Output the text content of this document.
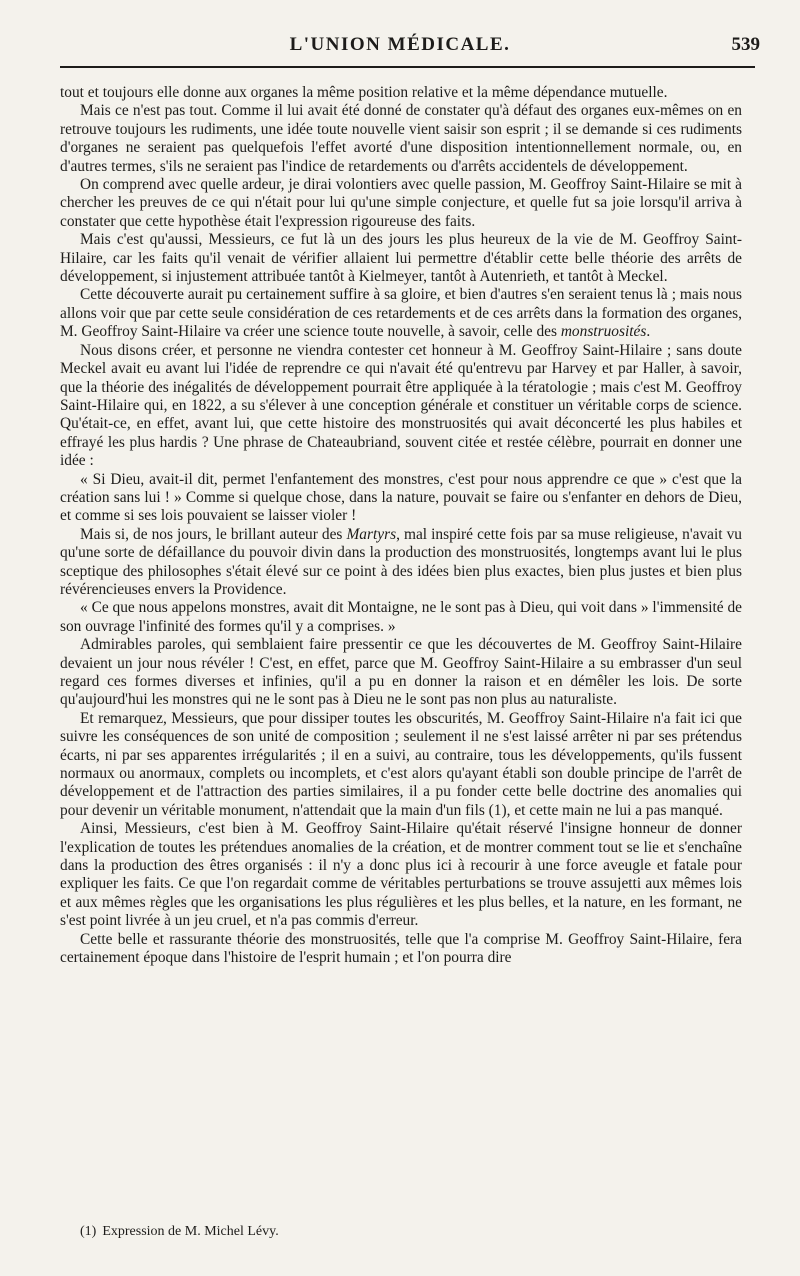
L'UNION MÉDICALE.	539

tout et toujours elle donne aux organes la même position relative et la même dépendance mutuelle.

Mais ce n'est pas tout. Comme il lui avait été donné de constater qu'à défaut des organes eux-mêmes on en retrouve toujours les rudiments, une idée toute nouvelle vient saisir son esprit ; il se demande si ces rudiments d'organes ne seraient pas quelquefois l'effet avorté d'une disposition intentionnellement normale, ou, en d'autres termes, s'ils ne seraient pas l'indice de retardements ou d'arrêts accidentels de développement.

On comprend avec quelle ardeur, je dirai volontiers avec quelle passion, M. Geoffroy Saint-Hilaire se mit à chercher les preuves de ce qui n'était pour lui qu'une simple conjecture, et quelle fut sa joie lorsqu'il arriva à constater que cette hypothèse était l'expression rigoureuse des faits.

Mais c'est qu'aussi, Messieurs, ce fut là un des jours les plus heureux de la vie de M. Geoffroy Saint-Hilaire, car les faits qu'il venait de vérifier allaient lui permettre d'établir cette belle théorie des arrêts de développement, si injustement attribuée tantôt à Kielmeyer, tantôt à Autenrieth, et tantôt à Meckel.

Cette découverte aurait pu certainement suffire à sa gloire, et bien d'autres s'en seraient tenus là ; mais nous allons voir que par cette seule considération de ces retardements et de ces arrêts dans la formation des organes, M. Geoffroy Saint-Hilaire va créer une science toute nouvelle, à savoir, celle des monstruosités.

Nous disons créer, et personne ne viendra contester cet honneur à M. Geoffroy Saint-Hilaire ; sans doute Meckel avait eu avant lui l'idée de reprendre ce qui n'avait été qu'entrevu par Harvey et par Haller, à savoir, que la théorie des inégalités de développement pourrait être appliquée à la tératologie ; mais c'est M. Geoffroy Saint-Hilaire qui, en 1822, a su s'élever à une conception générale et constituer un véritable corps de science. Qu'était-ce, en effet, avant lui, que cette histoire des monstruosités qui avait déconcerté les plus habiles et effrayé les plus hardis ? Une phrase de Chateaubriand, souvent citée et restée célèbre, pourrait en donner une idée :

« Si Dieu, avait-il dit, permet l'enfantement des monstres, c'est pour nous apprendre ce que » c'est que la création sans lui ! » Comme si quelque chose, dans la nature, pouvait se faire ou s'enfanter en dehors de Dieu, et comme si ses lois pouvaient se laisser violer !

Mais si, de nos jours, le brillant auteur des Martyrs, mal inspiré cette fois par sa muse religieuse, n'avait vu qu'une sorte de défaillance du pouvoir divin dans la production des monstruosités, longtemps avant lui le plus sceptique des philosophes s'était élevé sur ce point à des idées bien plus exactes, bien plus justes et bien plus révérencieuses envers la Providence.

« Ce que nous appelons monstres, avait dit Montaigne, ne le sont pas à Dieu, qui voit dans » l'immensité de son ouvrage l'infinité des formes qu'il y a comprises. »

Admirables paroles, qui semblaient faire pressentir ce que les découvertes de M. Geoffroy Saint-Hilaire devaient un jour nous révéler ! C'est, en effet, parce que M. Geoffroy Saint-Hilaire a su embrasser d'un seul regard ces formes diverses et infinies, qu'il a pu en donner la raison et en démêler les lois. De sorte qu'aujourd'hui les monstres qui ne le sont pas à Dieu ne le sont pas non plus au naturaliste.

Et remarquez, Messieurs, que pour dissiper toutes les obscurités, M. Geoffroy Saint-Hilaire n'a fait ici que suivre les conséquences de son unité de composition ; seulement il ne s'est laissé arrêter ni par ses prétendus écarts, ni par ses apparentes irrégularités ; il en a suivi, au contraire, tous les développements, qu'ils fussent normaux ou anormaux, complets ou incomplets, et c'est alors qu'ayant établi son double principe de l'arrêt de développement et de l'attraction des parties similaires, il a pu fonder cette belle doctrine des anomalies qui pour devenir un véritable monument, n'attendait que la main d'un fils (1), et cette main ne lui a pas manqué.

Ainsi, Messieurs, c'est bien à M. Geoffroy Saint-Hilaire qu'était réservé l'insigne honneur de donner l'explication de toutes les prétendues anomalies de la création, et de montrer comment tout se lie et s'enchaîne dans la production des êtres organisés : il n'y a donc plus ici à recourir à une force aveugle et fatale pour expliquer les faits. Ce que l'on regardait comme de véritables perturbations se trouve assujetti aux mêmes lois et aux mêmes règles que les organisations les plus régulières et les plus belles, et la nature, en les formant, ne s'est point livrée à un jeu cruel, et n'a pas commis d'erreur.

Cette belle et rassurante théorie des monstruosités, telle que l'a comprise M. Geoffroy Saint-Hilaire, fera certainement époque dans l'histoire de l'esprit humain ; et l'on pourra dire

(1) Expression de M. Michel Lévy.
